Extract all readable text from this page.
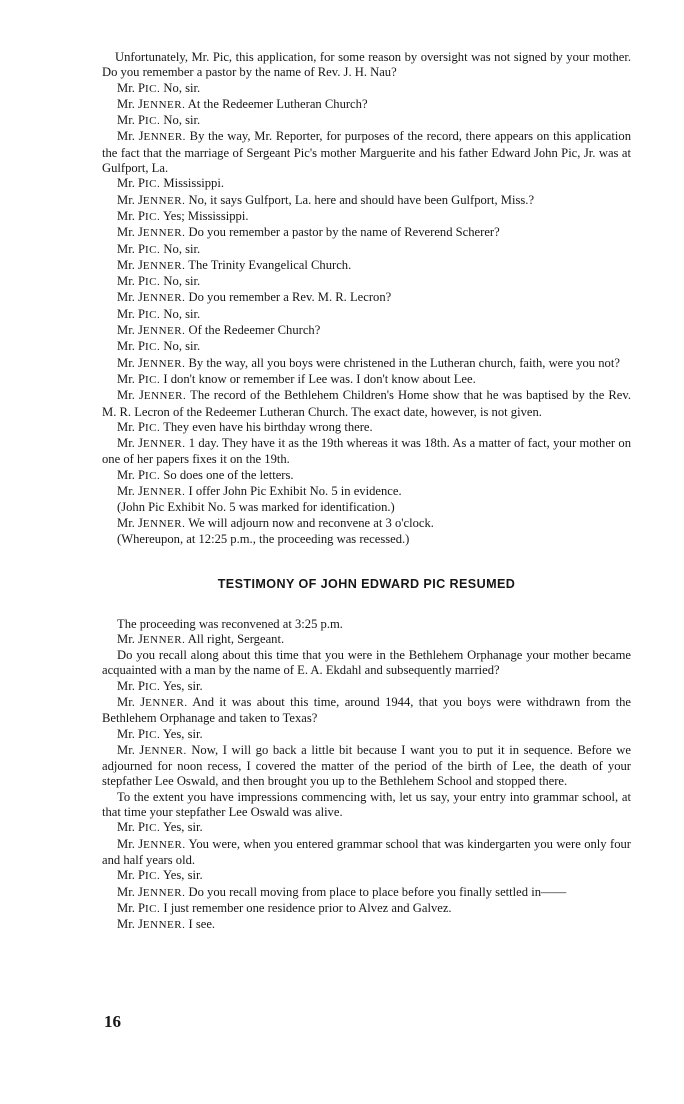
Unfortunately, Mr. Pic, this application, for some reason by oversight was not signed by your mother. Do you remember a pastor by the name of Rev. J. H. Nau?

Mr. PIC. No, sir.

Mr. JENNER. At the Redeemer Lutheran Church?

Mr. PIC. No, sir.

Mr. JENNER. By the way, Mr. Reporter, for purposes of the record, there appears on this application the fact that the marriage of Sergeant Pic's mother Marguerite and his father Edward John Pic, Jr. was at Gulfport, La.

Mr. PIC. Mississippi.

Mr. JENNER. No, it says Gulfport, La. here and should have been Gulfport, Miss.?

Mr. PIC. Yes; Mississippi.

Mr. JENNER. Do you remember a pastor by the name of Reverend Scherer?

Mr. PIC. No, sir.

Mr. JENNER. The Trinity Evangelical Church.

Mr. PIC. No, sir.

Mr. JENNER. Do you remember a Rev. M. R. Lecron?

Mr. PIC. No, sir.

Mr. JENNER. Of the Redeemer Church?

Mr. PIC. No, sir.

Mr. JENNER. By the way, all you boys were christened in the Lutheran church, faith, were you not?

Mr. PIC. I don't know or remember if Lee was. I don't know about Lee.

Mr. JENNER. The record of the Bethlehem Children's Home show that he was baptised by the Rev. M. R. Lecron of the Redeemer Lutheran Church. The exact date, however, is not given.

Mr. PIC. They even have his birthday wrong there.

Mr. JENNER. 1 day. They have it as the 19th whereas it was 18th. As a matter of fact, your mother on one of her papers fixes it on the 19th.

Mr. PIC. So does one of the letters.

Mr. JENNER. I offer John Pic Exhibit No. 5 in evidence.

(John Pic Exhibit No. 5 was marked for identification.)

Mr. JENNER. We will adjourn now and reconvene at 3 o'clock.

(Whereupon, at 12:25 p.m., the proceeding was recessed.)

TESTIMONY OF JOHN EDWARD PIC RESUMED

The proceeding was reconvened at 3:25 p.m.

Mr. JENNER. All right, Sergeant.

Do you recall along about this time that you were in the Bethlehem Orphanage your mother became acquainted with a man by the name of E. A. Ekdahl and subsequently married?

Mr. PIC. Yes, sir.

Mr. JENNER. And it was about this time, around 1944, that you boys were withdrawn from the Bethlehem Orphanage and taken to Texas?

Mr. PIC. Yes, sir.

Mr. JENNER. Now, I will go back a little bit because I want you to put it in sequence. Before we adjourned for noon recess, I covered the matter of the period of the birth of Lee, the death of your stepfather Lee Oswald, and then brought you up to the Bethlehem School and stopped there.

To the extent you have impressions commencing with, let us say, your entry into grammar school, at that time your stepfather Lee Oswald was alive.

Mr. PIC. Yes, sir.

Mr. JENNER. You were, when you entered grammar school that was kindergarten you were only four and half years old.

Mr. PIC. Yes, sir.

Mr. JENNER. Do you recall moving from place to place before you finally settled in——

Mr. PIC. I just remember one residence prior to Alvez and Galvez.

Mr. JENNER. I see.

16
